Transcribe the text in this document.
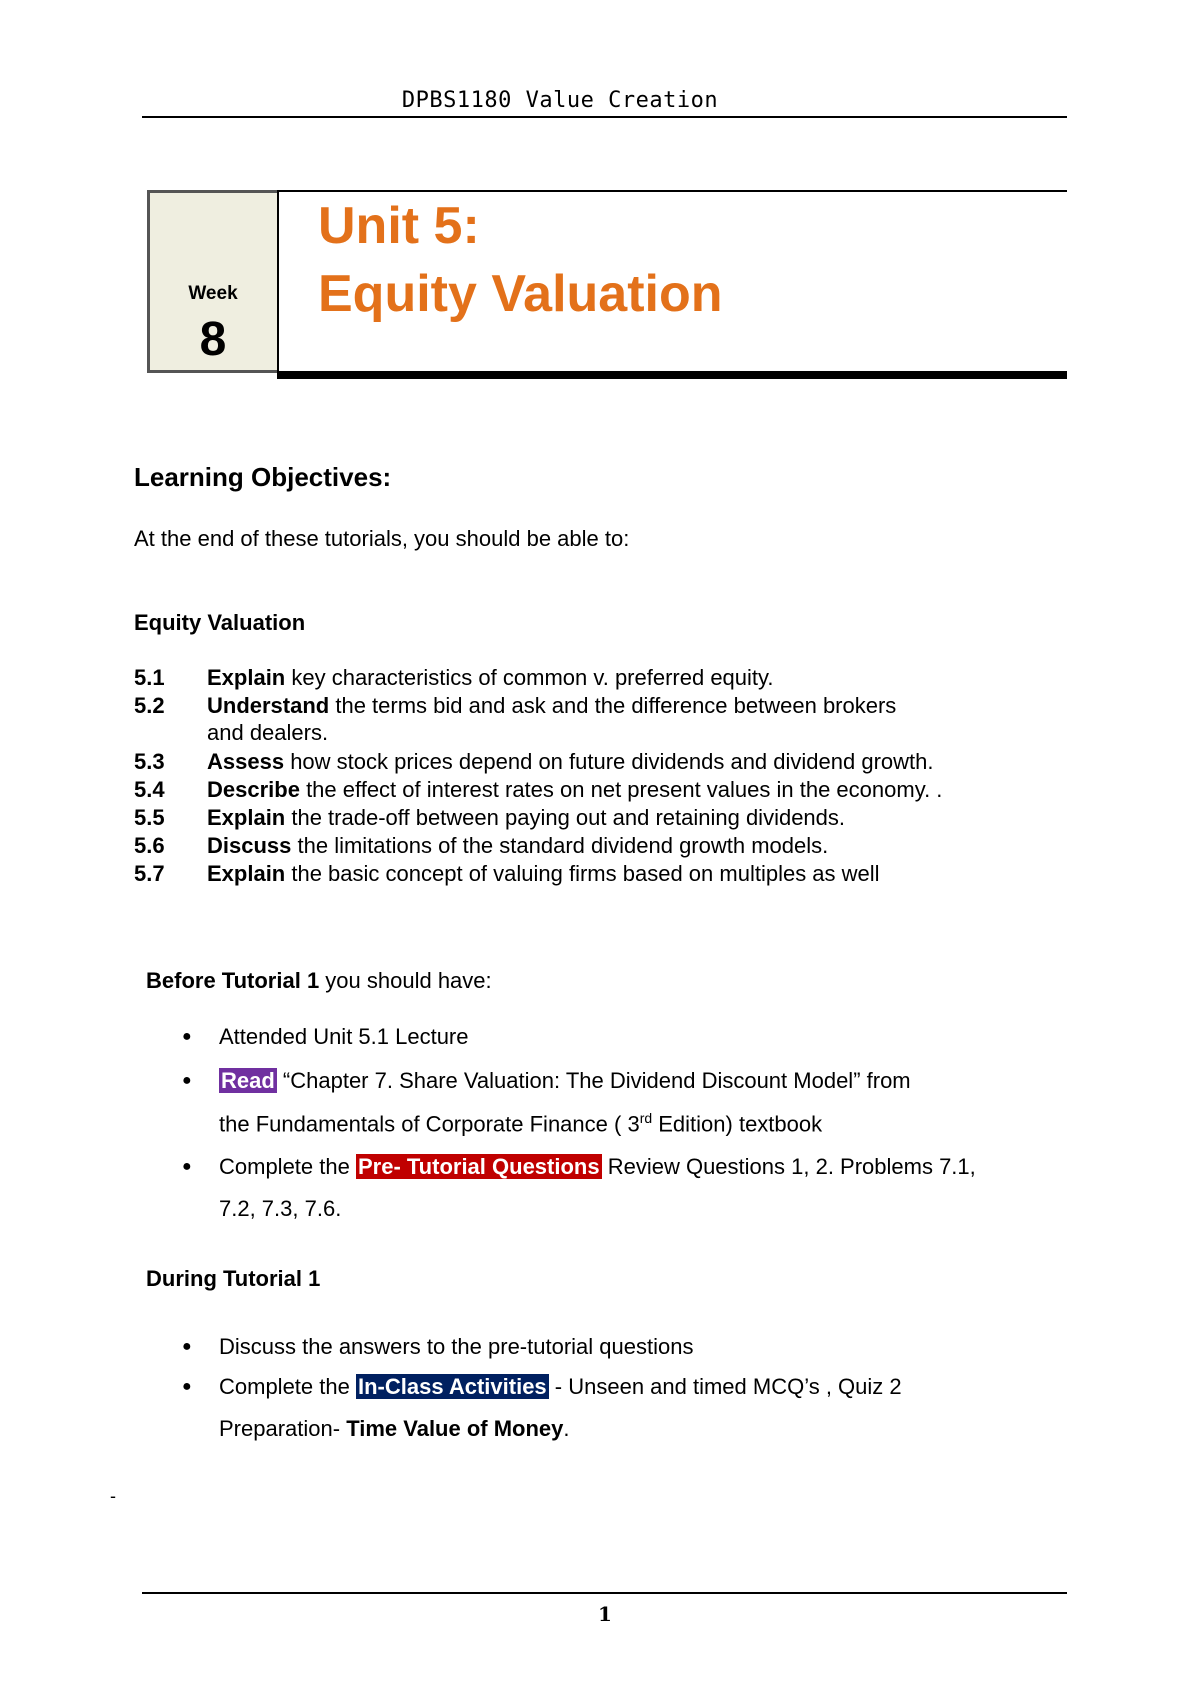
DPBS1180 Value Creation
Week
8
Unit 5:
Equity Valuation
Learning Objectives:
At the end of these tutorials, you should be able to:
Equity Valuation
5.1	Explain key characteristics of common v. preferred equity.
5.2	Understand the terms bid and ask and the difference between brokers
and dealers.
5.3	Assess how stock prices depend on future dividends and dividend growth.
5.4	Describe the effect of interest rates on net present values in the economy. .
5.5	Explain the trade-off between paying out and retaining dividends.
5.6	Discuss the limitations of the standard dividend growth models.
5.7	Explain the basic concept of valuing firms based on multiples as well
Before Tutorial 1 you should have:
● Attended Unit 5.1 Lecture
● Read “Chapter 7. Share Valuation: The Dividend Discount Model” from
the Fundamentals of Corporate Finance ( 3rd Edition) textbook
● Complete the Pre- Tutorial Questions Review Questions 1, 2. Problems 7.1,
7.2, 7.3, 7.6.
During Tutorial 1
● Discuss the answers to the pre-tutorial questions
● Complete the In-Class Activities - Unseen and timed MCQ’s , Quiz 2
Preparation- Time Value of Money.
-
1
